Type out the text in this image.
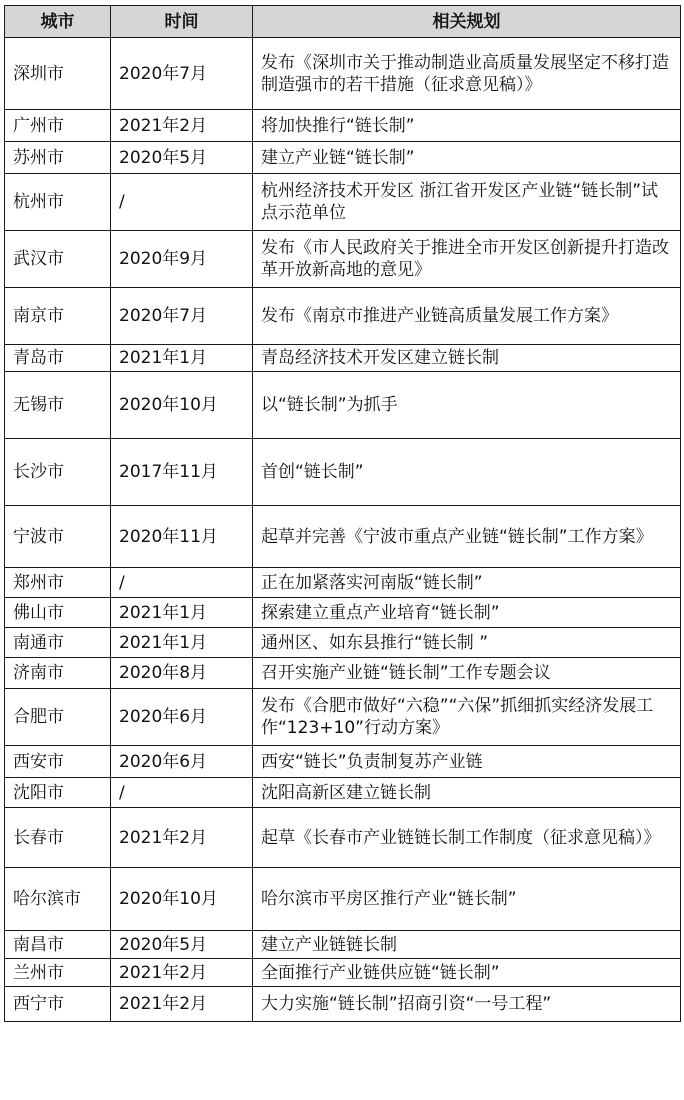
城市	时间	相关规划
深圳市	2020年7月	发布《深圳市关于推动制造业高质量发展坚定不移打造制造强市的若干措施（征求意见稿）》
广州市	2021年2月	将加快推行“链长制”
苏州市	2020年5月	建立产业链“链长制”
杭州市	/	杭州经济技术开发区 浙江省开发区产业链“链长制”试点示范单位
武汉市	2020年9月	发布《市人民政府关于推进全市开发区创新提升打造改革开放新高地的意见》
南京市	2020年7月	发布《南京市推进产业链高质量发展工作方案》
青岛市	2021年1月	青岛经济技术开发区建立链长制
无锡市	2020年10月	以“链长制”为抓手
长沙市	2017年11月	首创“链长制”
宁波市	2020年11月	起草并完善《宁波市重点产业链“链长制”工作方案》
郑州市	/	正在加紧落实河南版“链长制”
佛山市	2021年1月	探索建立重点产业培育“链长制”
南通市	2021年1月	通州区、如东县推行“链长制 ”
济南市	2020年8月	召开实施产业链“链长制”工作专题会议
合肥市	2020年6月	发布《合肥市做好“六稳”“六保”抓细抓实经济发展工作“123+10”行动方案》
西安市	2020年6月	西安“链长”负责制复苏产业链
沈阳市	/	沈阳高新区建立链长制
长春市	2021年2月	起草《长春市产业链链长制工作制度（征求意见稿）》
哈尔滨市	2020年10月	哈尔滨市平房区推行产业“链长制”
南昌市	2020年5月	建立产业链链长制
兰州市	2021年2月	全面推行产业链供应链“链长制”
西宁市	2021年2月	大力实施“链长制”招商引资“一号工程”
